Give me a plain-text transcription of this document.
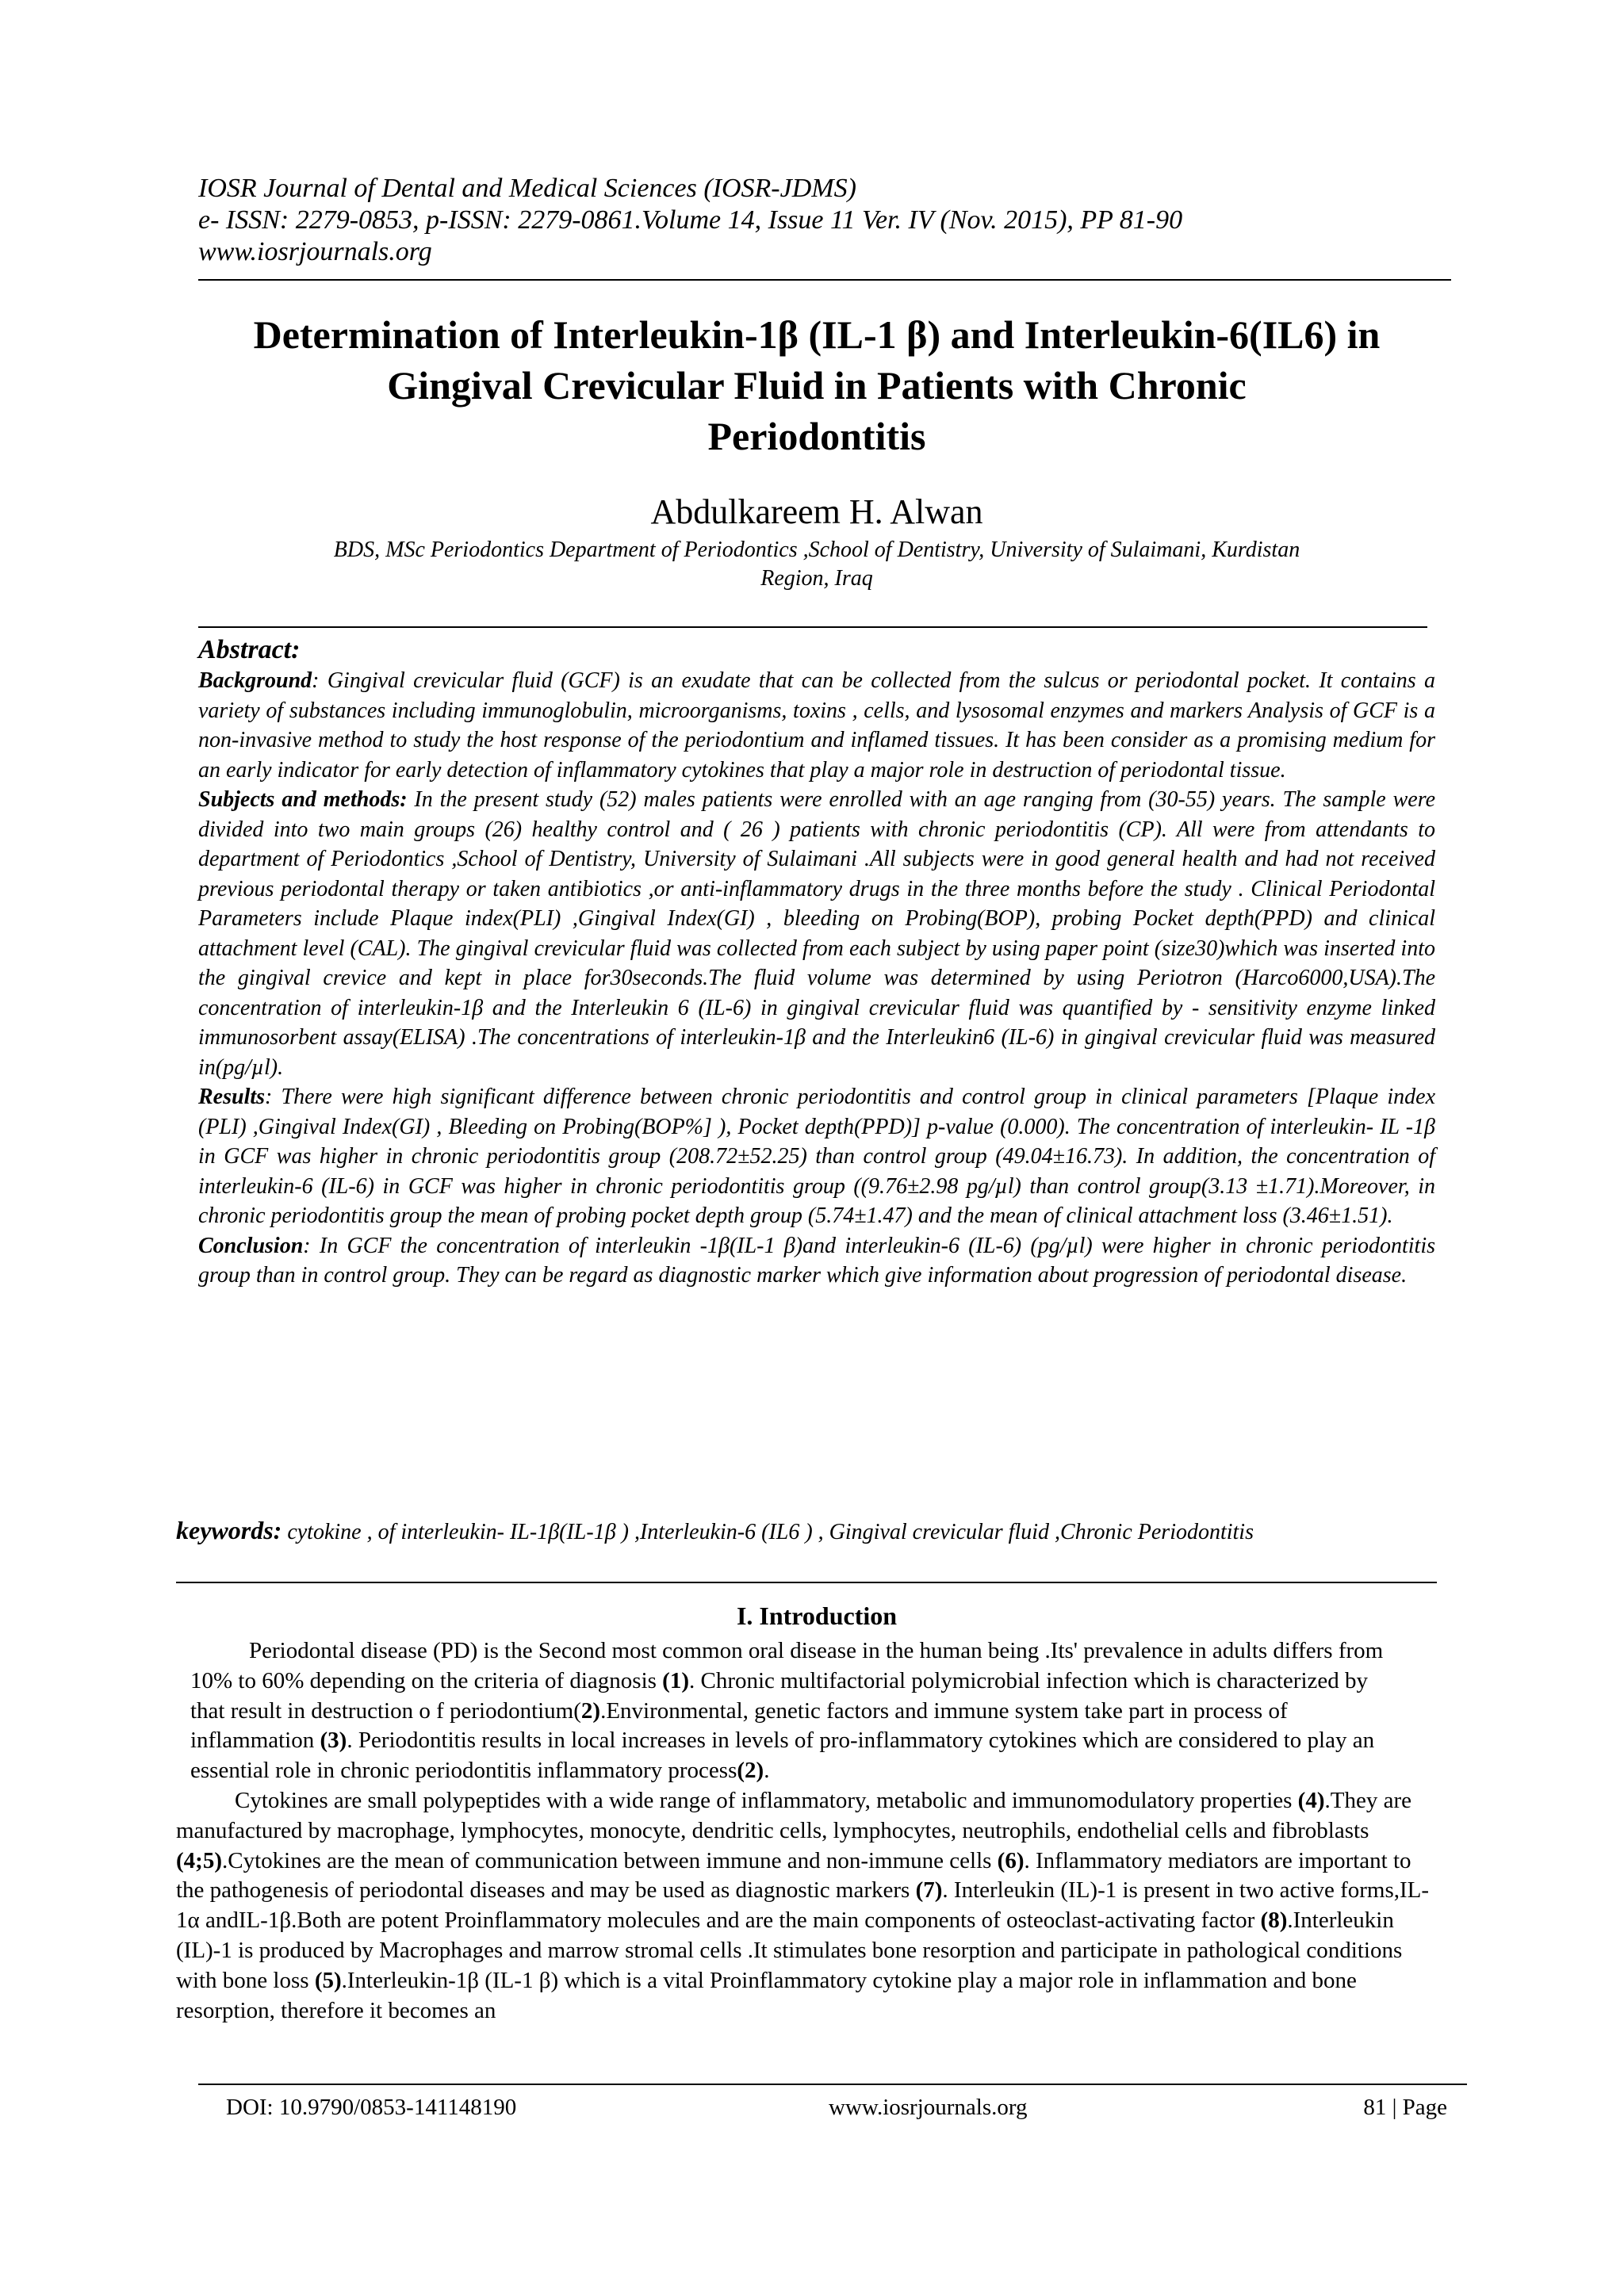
IOSR Journal of Dental and Medical Sciences (IOSR-JDMS)
e- ISSN: 2279-0853, p-ISSN: 2279-0861.Volume 14, Issue 11 Ver. IV (Nov. 2015), PP 81-90
www.iosrjournals.org
Determination of Interleukin-1β (IL-1 β) and Interleukin-6(IL6) in
Gingival Crevicular Fluid in Patients with Chronic
Periodontitis
Abdulkareem H. Alwan
BDS, MSc Periodontics Department of Periodontics ,School of Dentistry, University of Sulaimani, Kurdistan
Region, Iraq
Abstract:

Background: Gingival crevicular fluid (GCF) is an exudate that can be collected from the sulcus or periodontal pocket. It contains a variety of substances including immunoglobulin, microorganisms, toxins , cells, and lysosomal enzymes and markers Analysis of GCF is a non-invasive method to study the host response of the periodontium and inflamed tissues. It has been consider as a promising medium for an early indicator for early detection of inflammatory cytokines that play a major role in destruction of periodontal tissue.

Subjects and methods: In the present study (52) males patients were enrolled with an age ranging from (30-55) years. The sample were divided into two main groups (26) healthy control and ( 26 ) patients with chronic periodontitis (CP). All were from attendants to department of Periodontics ,School of Dentistry, University of Sulaimani .All subjects were in good general health and had not received previous periodontal therapy or taken antibiotics ,or anti-inflammatory drugs in the three months before the study . Clinical Periodontal Parameters include Plaque index(PLI) ,Gingival Index(GI) , bleeding on Probing(BOP), probing Pocket depth(PPD) and clinical attachment level (CAL). The gingival crevicular fluid was collected from each subject by using paper point (size30)which was inserted into the gingival crevice and kept in place for30seconds.The fluid volume was determined by using Periotron (Harco6000,USA).The concentration of interleukin-1β and the Interleukin 6 (IL-6) in gingival crevicular fluid was quantified by - sensitivity enzyme linked immunosorbent assay(ELISA) .The concentrations of interleukin-1β and the Interleukin6 (IL-6) in gingival crevicular fluid was measured in(pg/µl).

Results: There were high significant difference between chronic periodontitis and control group in clinical parameters [Plaque index (PLI) ,Gingival Index(GI) , Bleeding on Probing(BOP%] ), Pocket depth(PPD)] p-value (0.000). The concentration of interleukin- IL -1β in GCF was higher in chronic periodontitis group (208.72±52.25) than control group (49.04±16.73). In addition, the concentration of interleukin-6 (IL-6) in GCF was higher in chronic periodontitis group ((9.76±2.98 pg/µl) than control group(3.13 ±1.71).Moreover, in chronic periodontitis group the mean of probing pocket depth group (5.74±1.47) and the mean of clinical attachment loss (3.46±1.51).

Conclusion: In GCF the concentration of interleukin -1β(IL-1 β)and interleukin-6 (IL-6) (pg/µl) were higher in chronic periodontitis group than in control group. They can be regard as diagnostic marker which give information about progression of periodontal disease.

keywords: cytokine , of interleukin- IL-1β(IL-1β ) ,Interleukin-6 (IL6 ) , Gingival crevicular fluid ,Chronic Periodontitis
I. Introduction

Periodontal disease (PD) is the Second most common oral disease in the human being .Its' prevalence in adults differs from 10% to 60% depending on the criteria of diagnosis (1). Chronic multifactorial polymicrobial infection which is characterized by that result in destruction o f periodontium(2).Environmental, genetic factors and immune system take part in process of inflammation (3). Periodontitis results in local increases in levels of pro-inflammatory cytokines which are considered to play an essential role in chronic periodontitis inflammatory process(2).

Cytokines are small polypeptides with a wide range of inflammatory, metabolic and immunomodulatory properties (4).They are manufactured by macrophage, lymphocytes, monocyte, dendritic cells, lymphocytes, neutrophils, endothelial cells and fibroblasts (4;5).Cytokines are the mean of communication between immune and non-immune cells (6). Inflammatory mediators are important to the pathogenesis of periodontal diseases and may be used as diagnostic markers (7). Interleukin (IL)-1 is present in two active forms,IL-1α andIL-1β.Both are potent Proinflammatory molecules and are the main components of osteoclast-activating factor (8).Interleukin (IL)-1 is produced by Macrophages and marrow stromal cells .It stimulates bone resorption and participate in pathological conditions with bone loss (5).Interleukin-1β (IL-1 β) which is a vital Proinflammatory cytokine play a major role in inflammation and bone resorption, therefore it becomes an

DOI: 10.9790/0853-141148190	www.iosrjournals.org	81 | Page
